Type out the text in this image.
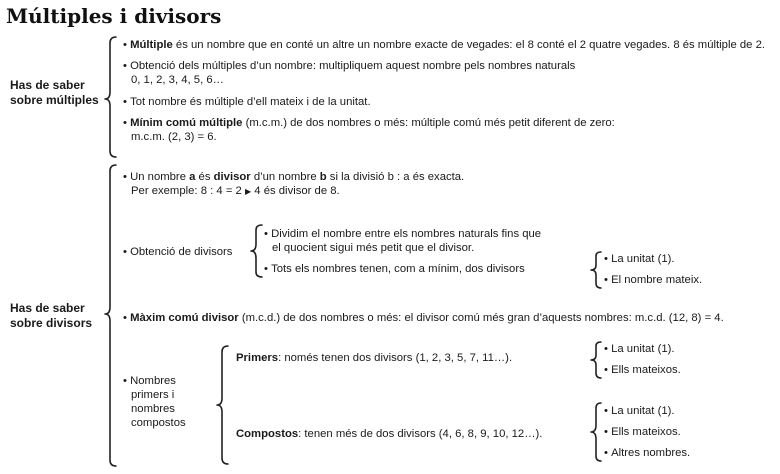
Múltiples i divisors
Has de saber
sobre múltiples
• Múltiple és un nombre que en conté un altre un nombre exacte de vegades: el 8 conté el 2 quatre vegades. 8 és múltiple de 2.
• Obtenció dels múltiples d’un nombre: multipliquem aquest nombre pels nombres naturals
0, 1, 2, 3, 4, 5, 6…
• Tot nombre és múltiple d’ell mateix i de la unitat.
• Mínim comú múltiple (m.c.m.) de dos nombres o més: múltiple comú més petit diferent de zero:
m.c.m. (2, 3) = 6.
Has de saber
sobre divisors
• Un nombre a és divisor d’un nombre b si la divisió b : a és exacta.
Per exemple: 8 : 4 = 2 ▶ 4 és divisor de 8.
• Obtenció de divisors
• Dividim el nombre entre els nombres naturals fins que
el quocient sigui més petit que el divisor.
• Tots els nombres tenen, com a mínim, dos divisors
• La unitat (1).
• El nombre mateix.
• Màxim comú divisor (m.c.d.) de dos nombres o més: el divisor comú més gran d’aquests nombres: m.c.d. (12, 8) = 4.
• Nombres
primers i
nombres
compostos
Primers: només tenen dos divisors (1, 2, 3, 5, 7, 11…).
• La unitat (1).
• Ells mateixos.
Compostos: tenen més de dos divisors (4, 6, 8, 9, 10, 12…).
• La unitat (1).
• Ells mateixos.
• Altres nombres.
